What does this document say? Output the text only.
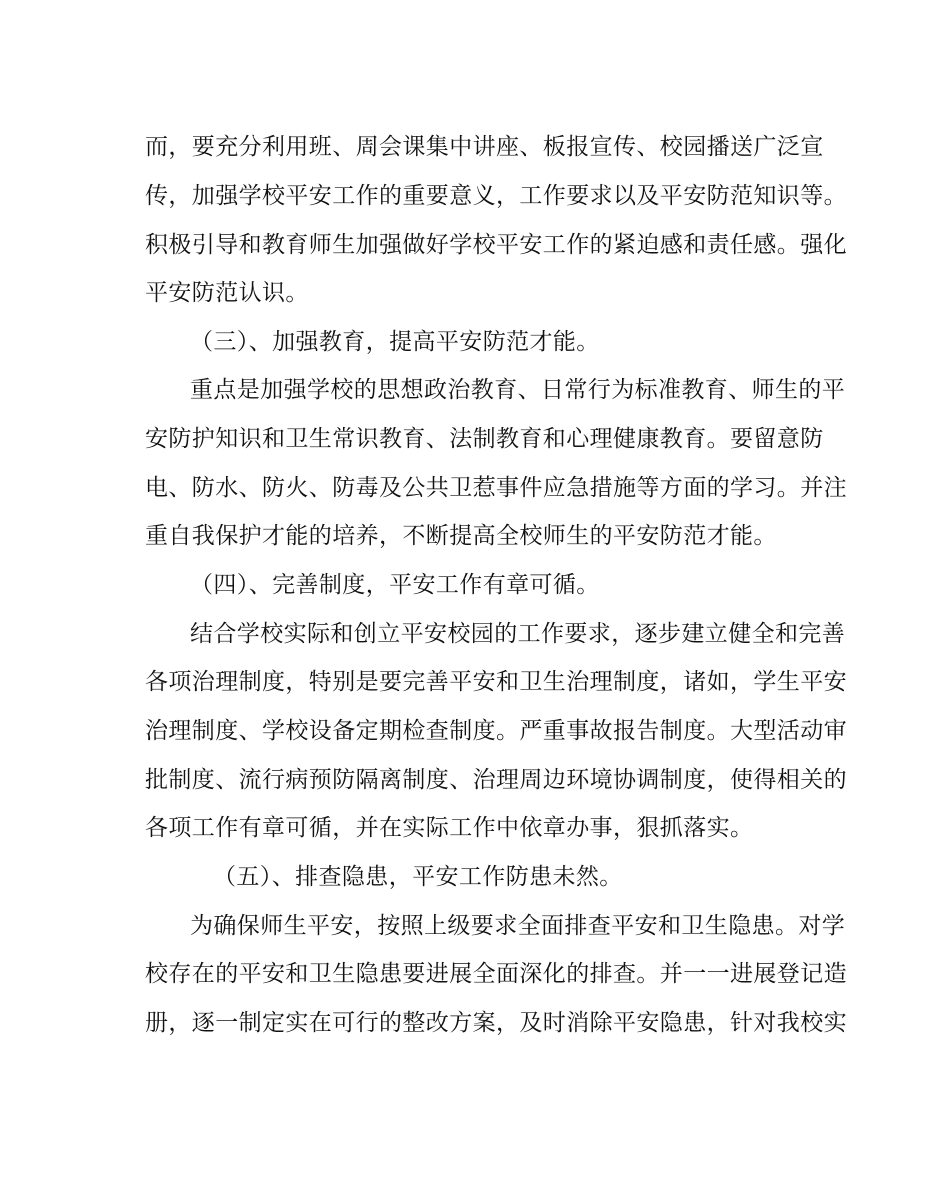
而，要充分利用班、周会课集中讲座、板报宣传、校园播送广泛宣

传，加强学校平安工作的重要意义，工作要求以及平安防范知识等。

积极引导和教育师生加强做好学校平安工作的紧迫感和责任感。强化

平安防范认识。

（三）、加强教育，提高平安防范才能。

重点是加强学校的思想政治教育、日常行为标准教育、师生的平

安防护知识和卫生常识教育、法制教育和心理健康教育。要留意防

电、防水、防火、防毒及公共卫惹事件应急措施等方面的学习。并注

重自我保护才能的培养，不断提高全校师生的平安防范才能。

（四）、完善制度，平安工作有章可循。

结合学校实际和创立平安校园的工作要求，逐步建立健全和完善

各项治理制度，特别是要完善平安和卫生治理制度，诸如，学生平安

治理制度、学校设备定期检查制度。严重事故报告制度。大型活动审

批制度、流行病预防隔离制度、治理周边环境协调制度，使得相关的

各项工作有章可循，并在实际工作中依章办事，狠抓落实。

（五）、排查隐患，平安工作防患未然。

为确保师生平安，按照上级要求全面排查平安和卫生隐患。对学

校存在的平安和卫生隐患要进展全面深化的排查。并一一进展登记造

册，逐一制定实在可行的整改方案，及时消除平安隐患，针对我校实
